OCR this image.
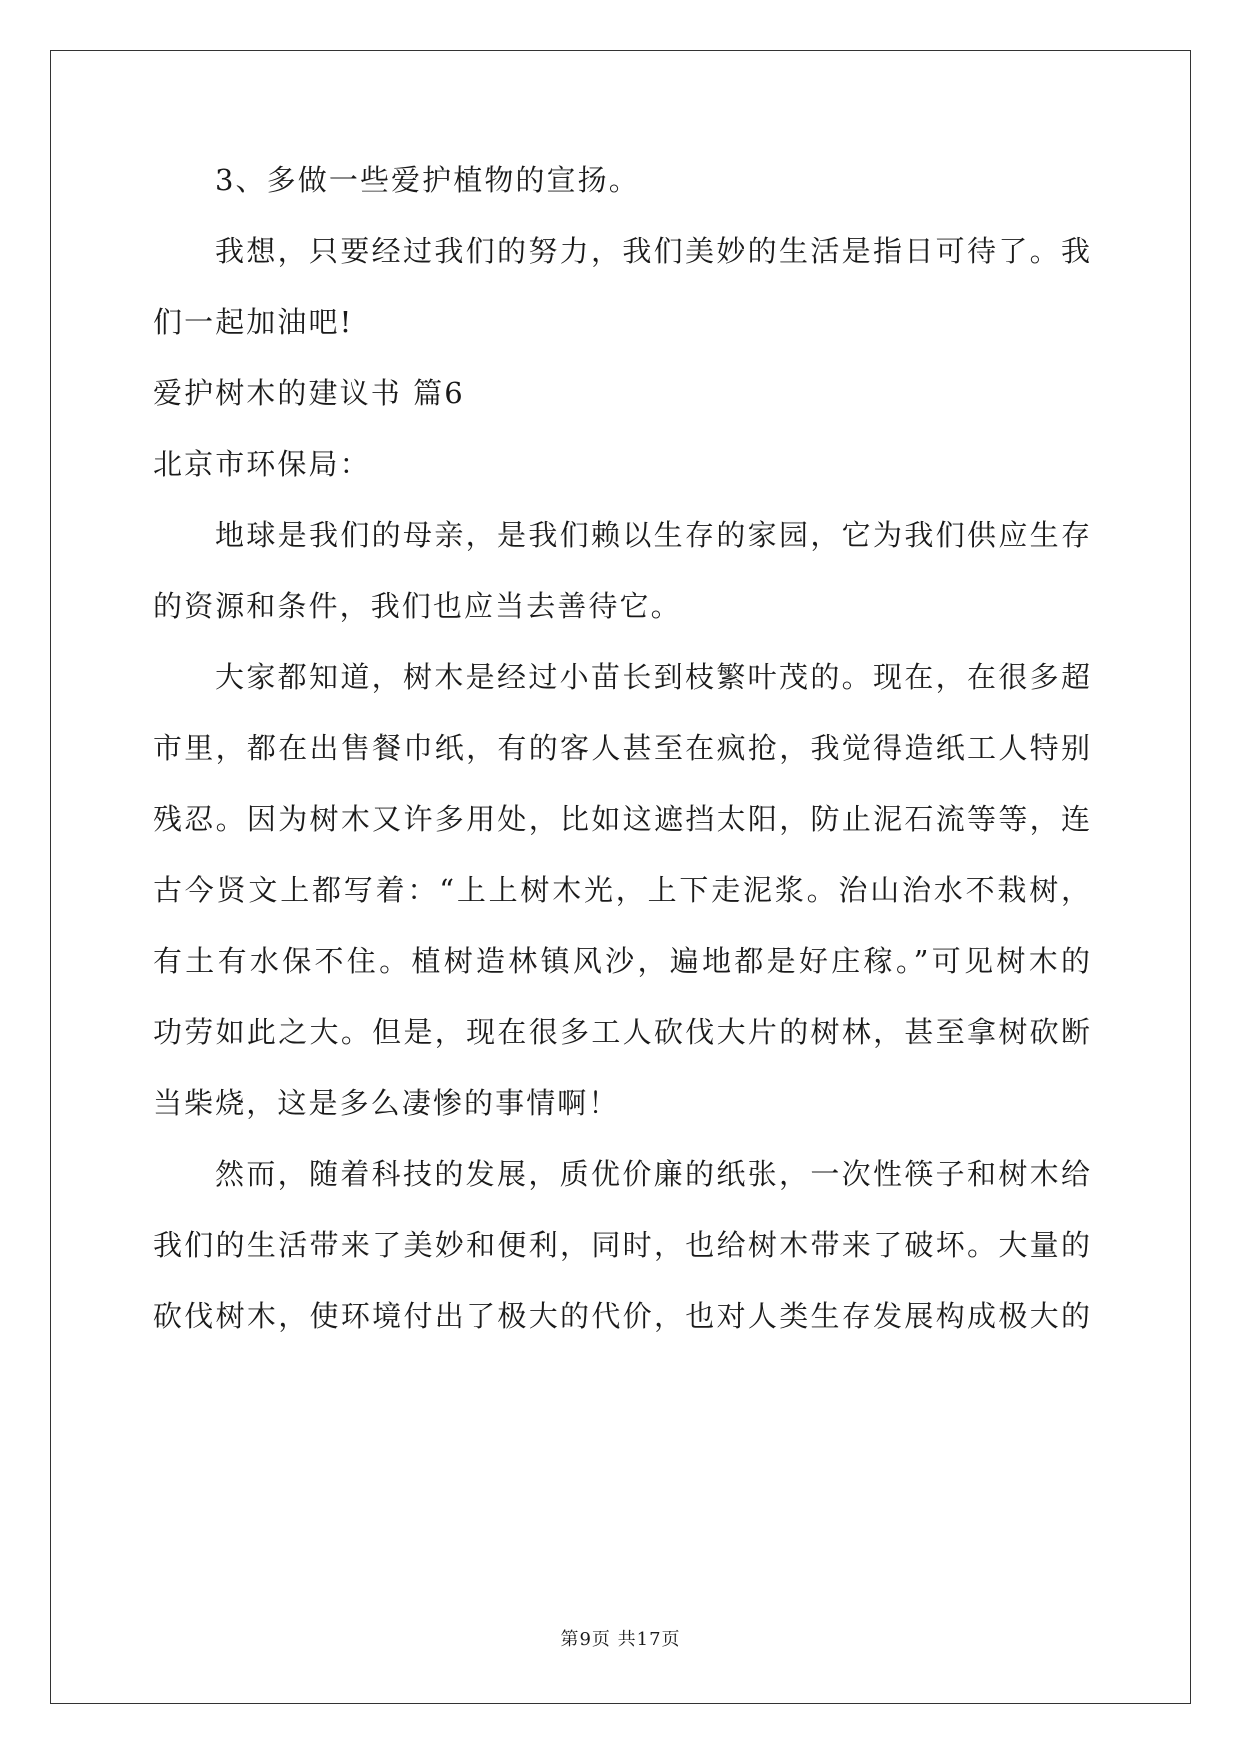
3、多做一些爱护植物的宣扬。
我想，只要经过我们的努力，我们美妙的生活是指日可待了。我
们一起加油吧!
爱护树木的建议书 篇6
北京市环保局：
地球是我们的母亲，是我们赖以生存的家园，它为我们供应生存
的资源和条件，我们也应当去善待它。
大家都知道，树木是经过小苗长到枝繁叶茂的。现在，在很多超
市里，都在出售餐巾纸，有的客人甚至在疯抢，我觉得造纸工人特别
残忍。因为树木又许多用处，比如这遮挡太阳，防止泥石流等等，连
古今贤文上都写着：“上上树木光，上下走泥浆。治山治水不栽树，
有土有水保不住。植树造林镇风沙，遍地都是好庄稼。”可见树木的
功劳如此之大。但是，现在很多工人砍伐大片的树林，甚至拿树砍断
当柴烧，这是多么凄惨的事情啊！
然而，随着科技的发展，质优价廉的纸张，一次性筷子和树木给
我们的生活带来了美妙和便利，同时，也给树木带来了破坏。大量的
砍伐树木，使环境付出了极大的代价，也对人类生存发展构成极大的
第9页 共17页
